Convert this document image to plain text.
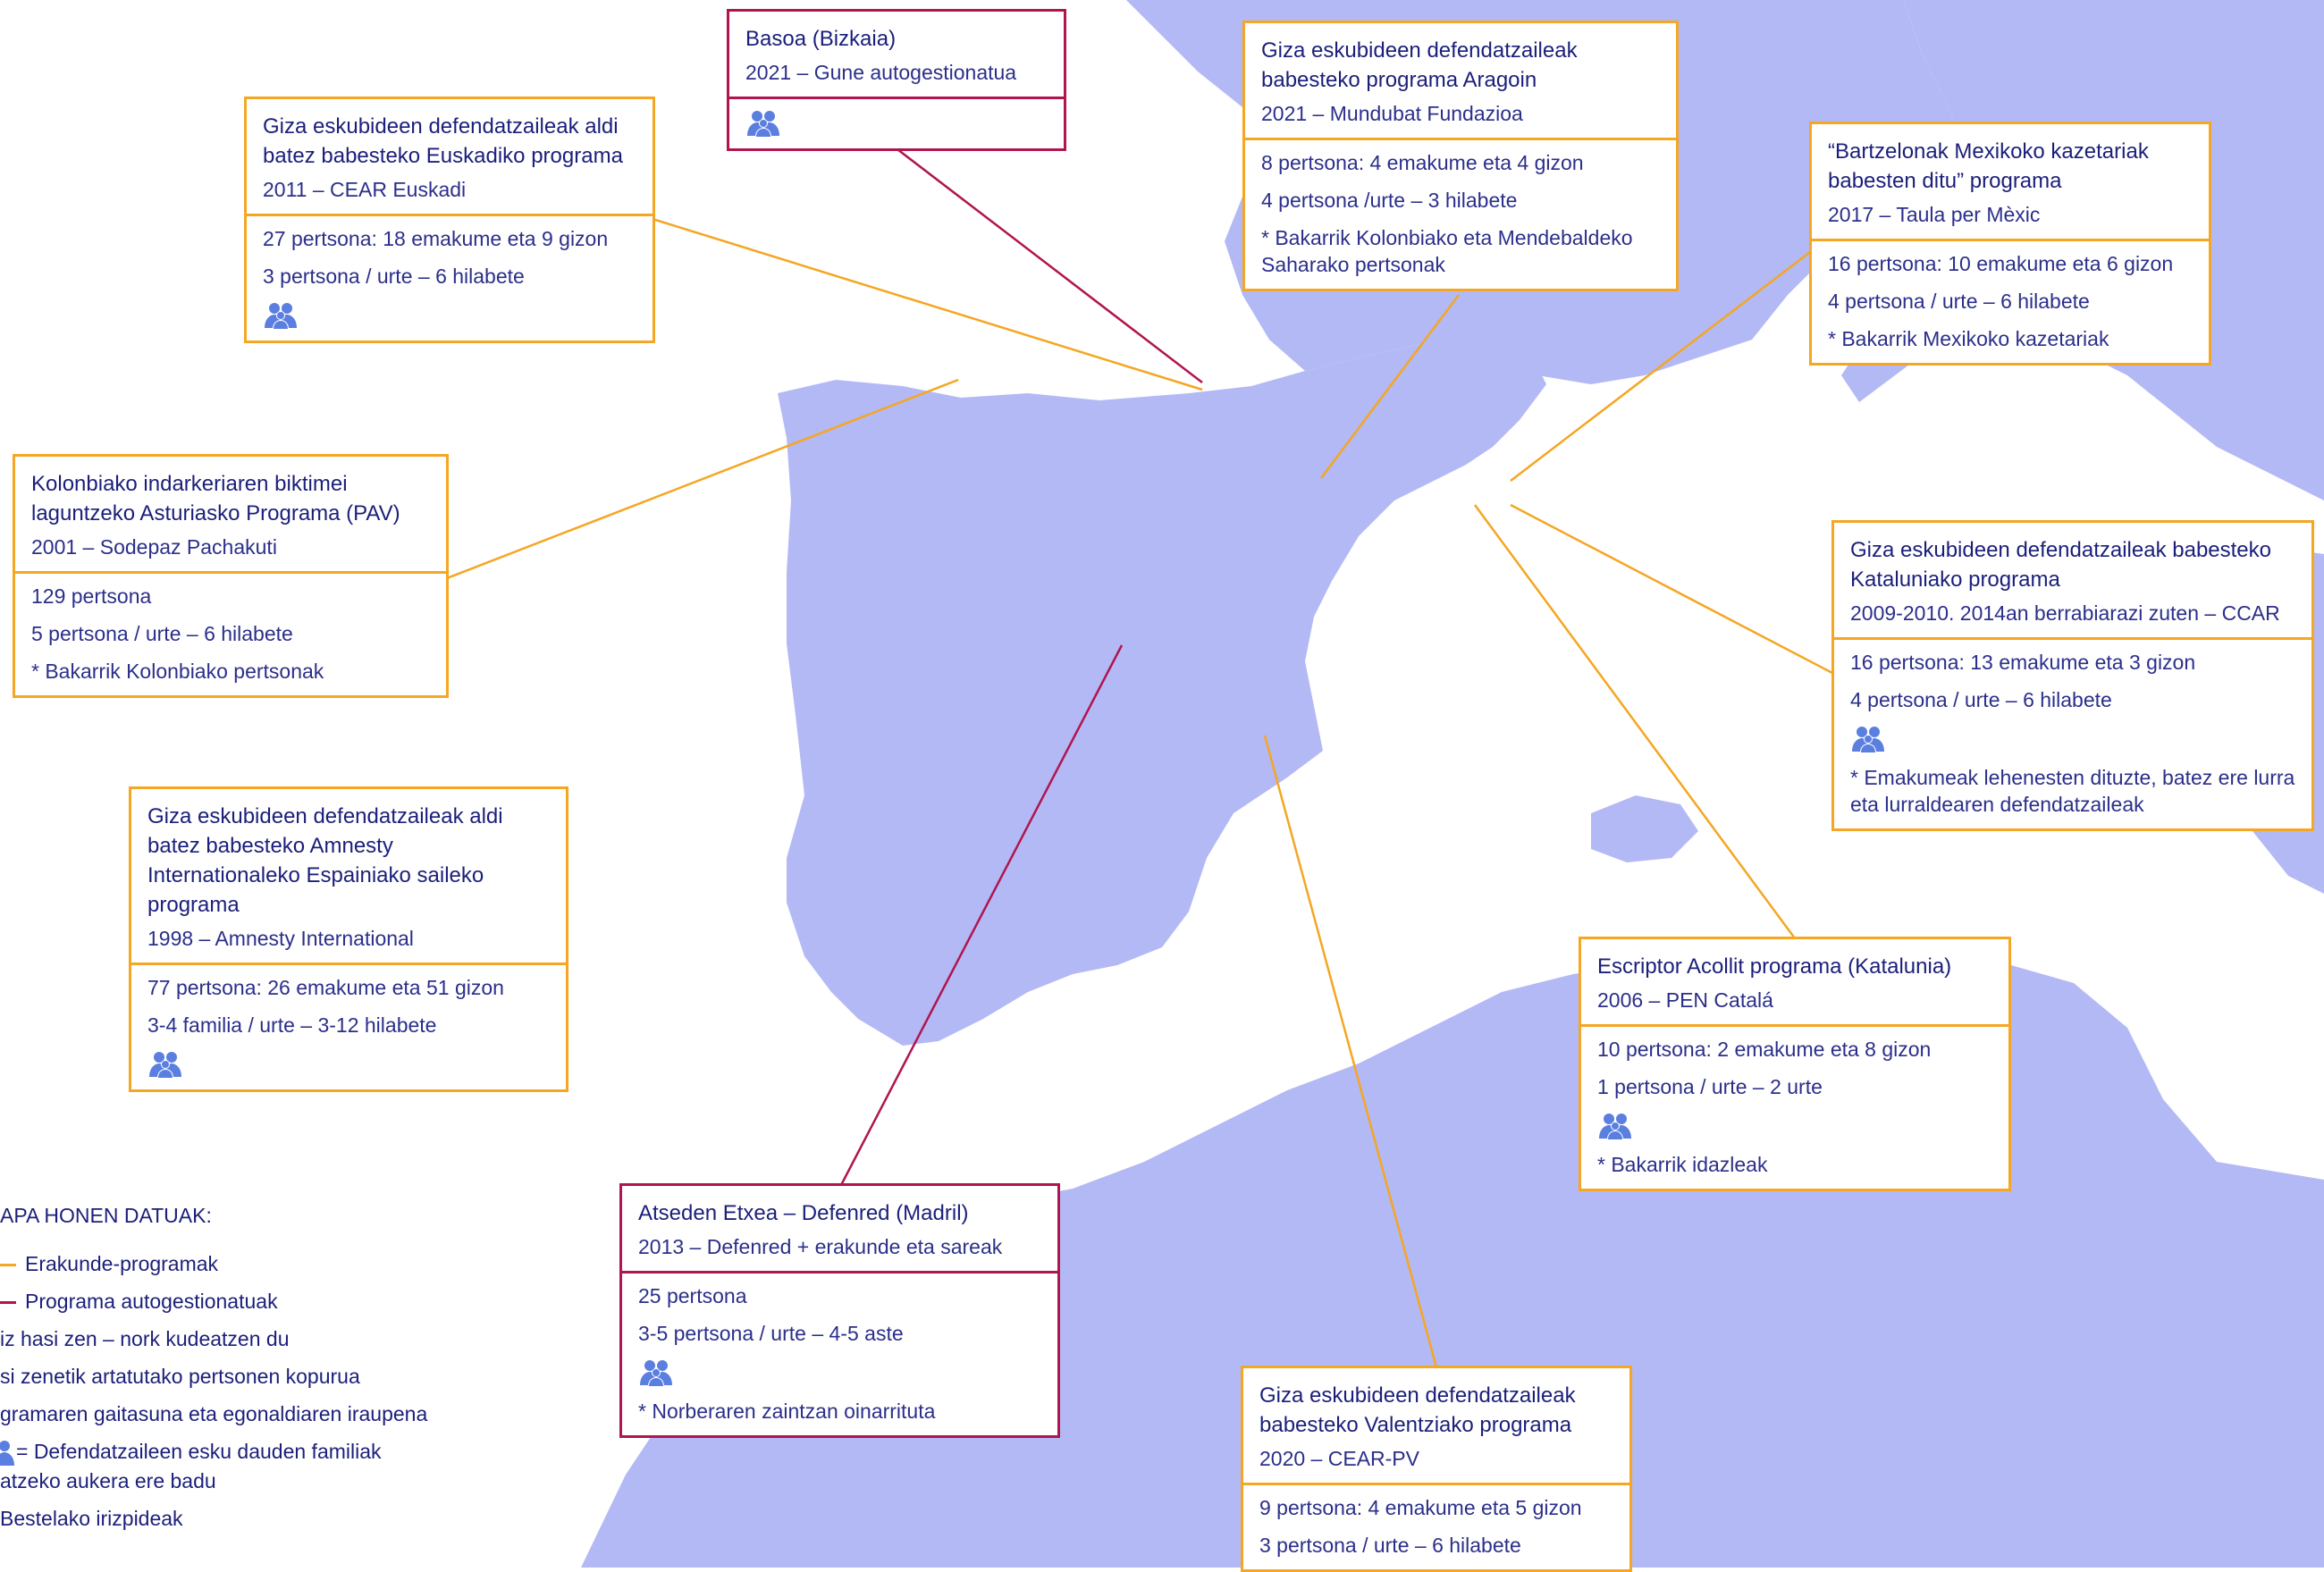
Basoa (Bizkaia)
2021 – Gune autogestionatua
Giza eskubideen defendatzaileak aldi batez babesteko Euskadiko programa
2011 – CEAR Euskadi
27 pertsona: 18 emakume eta 9 gizon
3 pertsona / urte – 6 hilabete
Giza eskubideen defendatzaileak babesteko programa Aragoin
2021 – Mundubat Fundazioa
8 pertsona: 4 emakume eta 4 gizon
4 pertsona /urte – 3 hilabete
* Bakarrik Kolonbiako eta Mendebaldeko Saharako pertsonak
“Bartzelonak Mexikoko kazetariak babesten ditu” programa
2017 – Taula per Mèxic
16 pertsona: 10 emakume eta 6 gizon
4 pertsona / urte – 6 hilabete
* Bakarrik Mexikoko kazetariak
Kolonbiako indarkeriaren biktimei laguntzeko Asturiasko Programa (PAV)
2001 – Sodepaz Pachakuti
129 pertsona
5 pertsona / urte – 6 hilabete
* Bakarrik Kolonbiako pertsonak
Giza eskubideen defendatzaileak babesteko Kataluniako programa
2009-2010. 2014an berrabiarazi zuten – CCAR
16 pertsona: 13 emakume eta 3 gizon
4 pertsona / urte – 6 hilabete
* Emakumeak lehenesten dituzte, batez ere lurra eta lurraldearen defendatzaileak
Giza eskubideen defendatzaileak aldi batez babesteko Amnesty Internationaleko Espainiako saileko programa
1998 – Amnesty International
77 pertsona: 26 emakume eta 51 gizon
3-4 familia / urte – 3-12 hilabete
Escriptor Acollit programa (Katalunia)
2006 – PEN Catalá
10 pertsona: 2 emakume eta 8 gizon
1 pertsona / urte – 2 urte
* Bakarrik idazleak
Atseden Etxea – Defenred (Madril)
2013 – Defenred + erakunde eta sareak
25 pertsona
3-5 pertsona / urte – 4-5 aste
* Norberaren zaintzan oinarrituta
Giza eskubideen defendatzaileak babesteko Valentziako programa
2020 – CEAR-PV
9 pertsona: 4 emakume eta 5 gizon
3 pertsona / urte – 6 hilabete
APA HONEN DATUAK:
Erakunde-programak
Programa autogestionatuak
iz hasi zen – nork kudeatzen du
si zenetik artatutako pertsonen kopurua
gramaren gaitasuna eta egonaldiaren iraupena
= Defendatzaileen esku dauden familiak
atzeko aukera ere badu
Bestelako irizpideak
